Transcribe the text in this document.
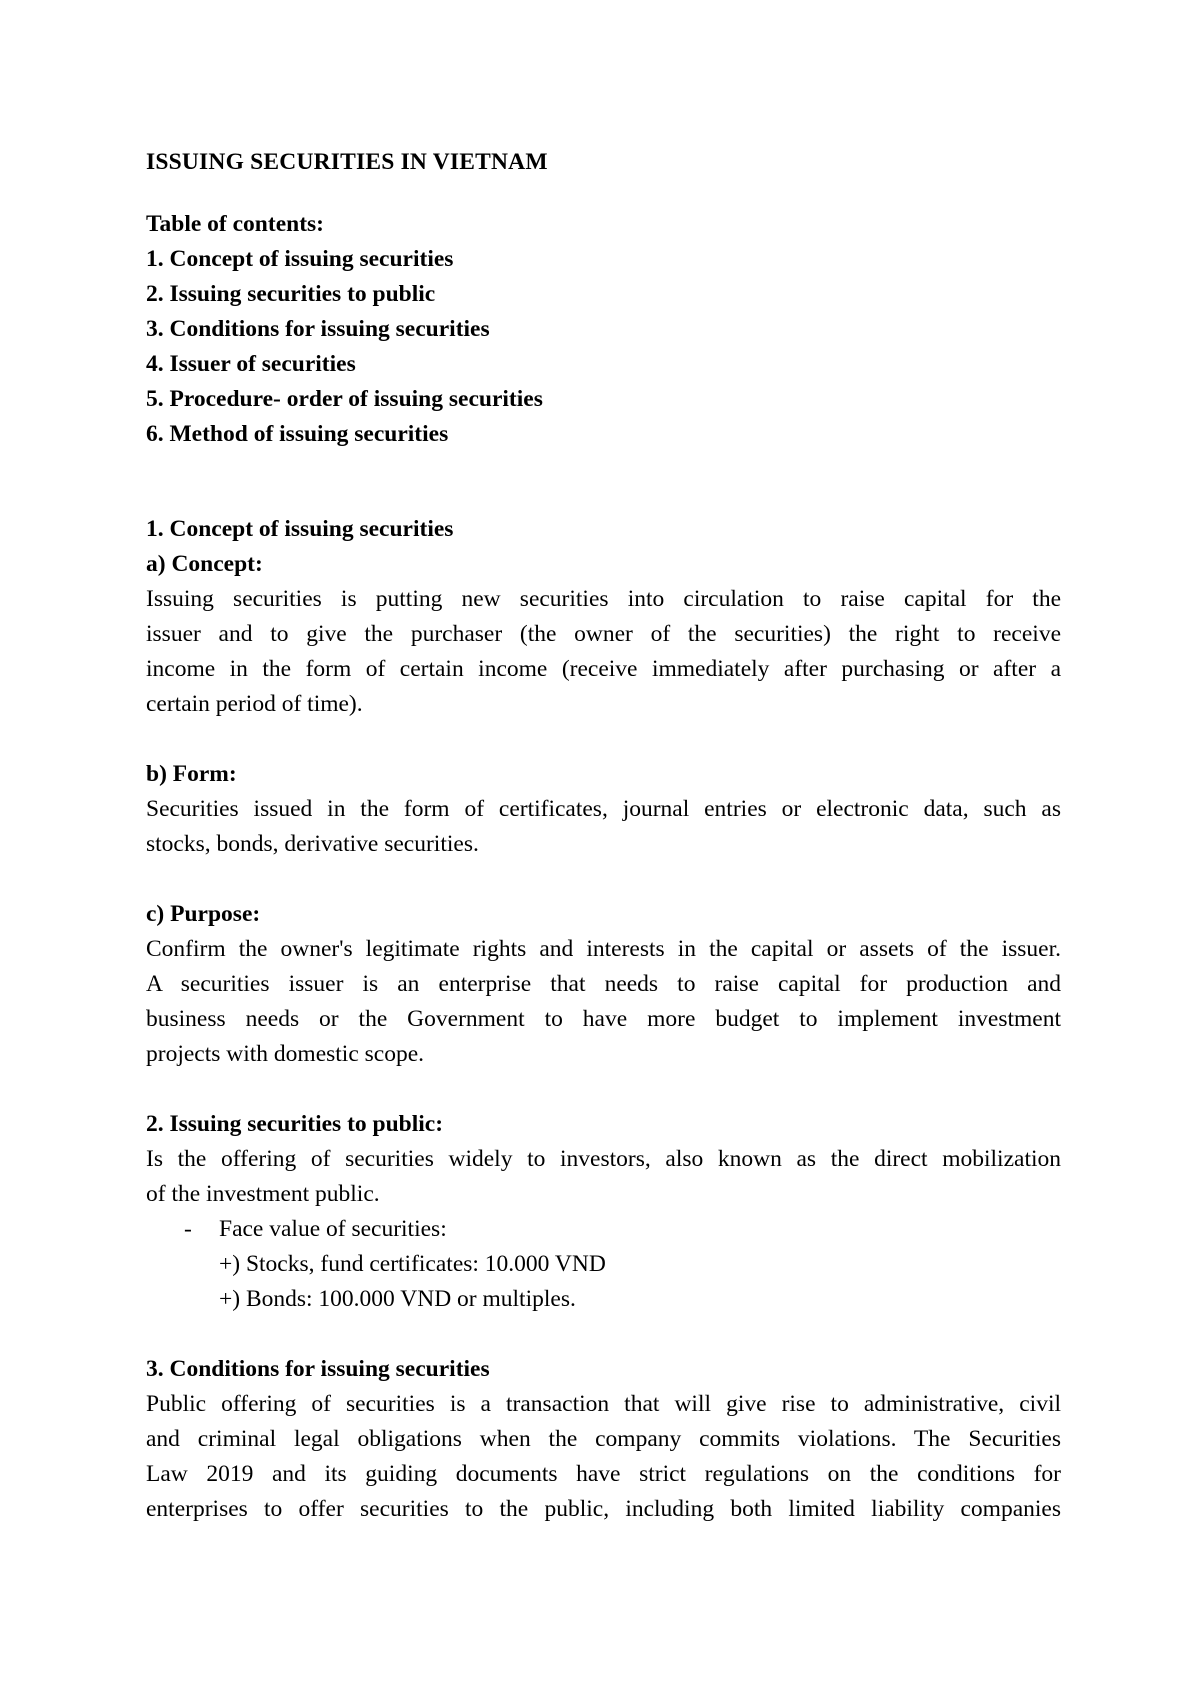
ISSUING SECURITIES IN VIETNAM
Table of contents:
1. Concept of issuing securities
2. Issuing securities to public
3. Conditions for issuing securities
4. Issuer of securities
5. Procedure- order of issuing securities
6. Method of issuing securities
1. Concept of issuing securities
a) Concept:
Issuing securities is putting new securities into circulation to raise capital for the
issuer and to give the purchaser (the owner of the securities) the right to receive
income in the form of certain income (receive immediately after purchasing or after a
certain period of time).
b) Form:
Securities issued in the form of certificates, journal entries or electronic data, such as
stocks, bonds, derivative securities.
c) Purpose:
Confirm the owner's legitimate rights and interests in the capital or assets of the issuer.
A securities issuer is an enterprise that needs to raise capital for production and
business needs or the Government to have more budget to implement investment
projects with domestic scope.
2. Issuing securities to public:
Is the offering of securities widely to investors, also known as the direct mobilization
of the investment public.
- Face value of securities:
+) Stocks, fund certificates: 10.000 VND
+) Bonds: 100.000 VND or multiples.
3. Conditions for issuing securities
Public offering of securities is a transaction that will give rise to administrative, civil
and criminal legal obligations when the company commits violations. The Securities
Law 2019 and its guiding documents have strict regulations on the conditions for
enterprises to offer securities to the public, including both limited liability companies
